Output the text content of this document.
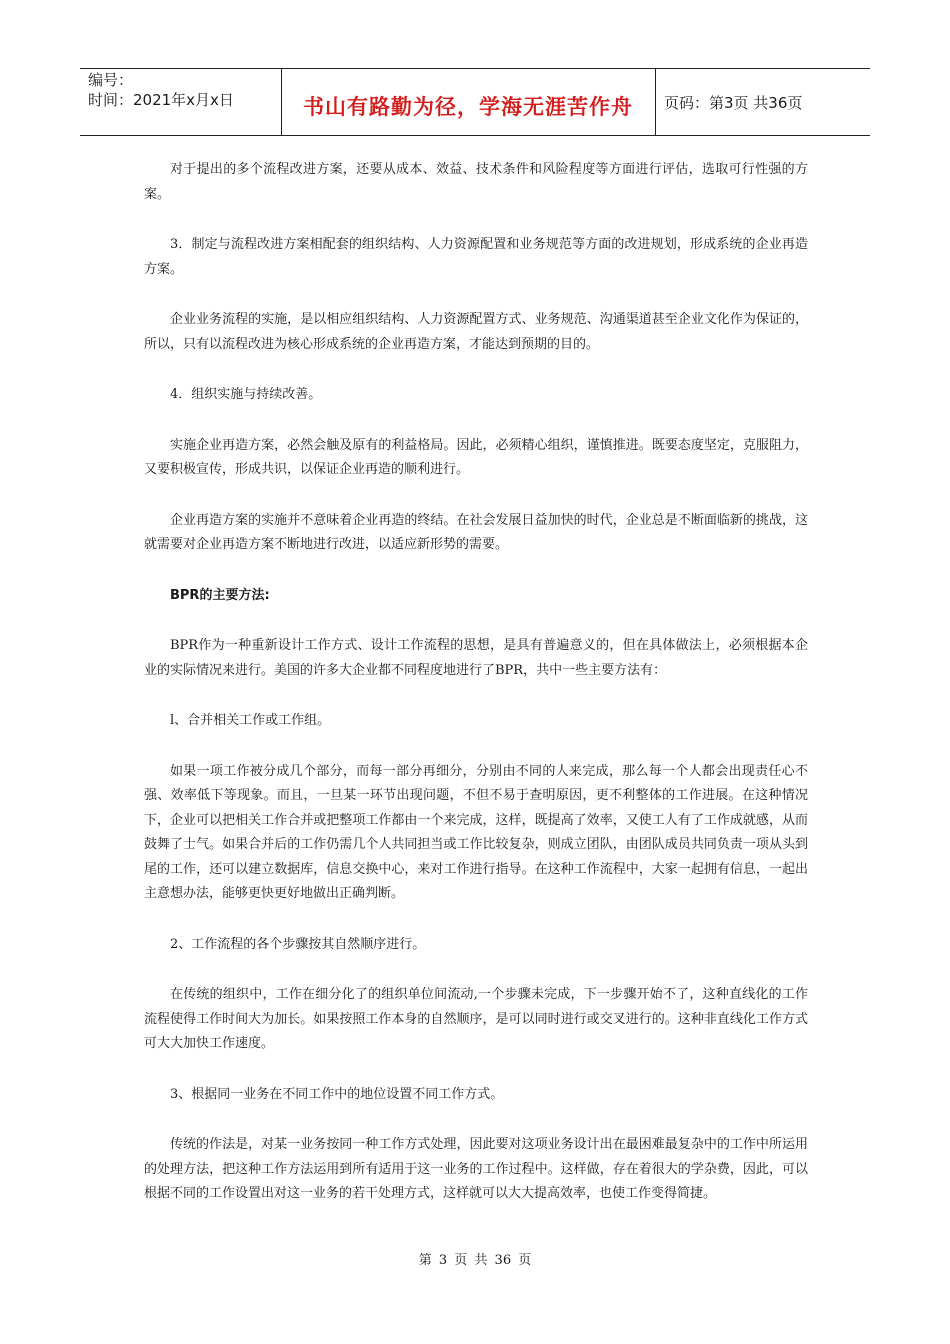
编号：
时间：2021年x月x日	书山有路勤为径，学海无涯苦作舟	页码：第3页 共36页

对于提出的多个流程改进方案，还要从成本、效益、技术条件和风险程度等方面进行评估，选取可行性强的方案。

3．制定与流程改进方案相配套的组织结构、人力资源配置和业务规范等方面的改进规划，形成系统的企业再造方案。

企业业务流程的实施，是以相应组织结构、人力资源配置方式、业务规范、沟通渠道甚至企业文化作为保证的，所以，只有以流程改进为核心形成系统的企业再造方案，才能达到预期的目的。

4．组织实施与持续改善。

实施企业再造方案，必然会触及原有的利益格局。因此，必须精心组织，谨慎推进。既要态度坚定，克服阻力，又要积极宣传，形成共识，以保证企业再造的顺利进行。

企业再造方案的实施并不意味着企业再造的终结。在社会发展日益加快的时代，企业总是不断面临新的挑战，这就需要对企业再造方案不断地进行改进，以适应新形势的需要。

BPR的主要方法:

BPR作为一种重新设计工作方式、设计工作流程的思想，是具有普遍意义的，但在具体做法上，必须根据本企业的实际情况来进行。美国的许多大企业都不同程度地进行了BPR，共中一些主要方法有：

l、合并相关工作或工作组。

如果一项工作被分成几个部分，而每一部分再细分，分别由不同的人来完成，那么每一个人都会出现责任心不强、效率低下等现象。而且，一旦某一环节出现问题，不但不易于查明原因，更不利整体的工作进展。在这种情况下，企业可以把相关工作合并或把整项工作都由一个来完成，这样，既提高了效率，又使工人有了工作成就感，从而鼓舞了士气。如果合并后的工作仍需几个人共同担当或工作比较复杂，则成立团队，由团队成员共同负责一项从头到尾的工作，还可以建立数据库，信息交换中心，来对工作进行指导。在这种工作流程中，大家一起拥有信息，一起出主意想办法，能够更快更好地做出正确判断。

2、工作流程的各个步骤按其自然顺序进行。

在传统的组织中，工作在细分化了的组织单位间流动,一个步骤未完成，下一步骤开始不了，这种直线化的工作流程使得工作时间大为加长。如果按照工作本身的自然顺序，是可以同时进行或交叉进行的。这种非直线化工作方式可大大加快工作速度。

3、根据同一业务在不同工作中的地位设置不同工作方式。

传统的作法是，对某一业务按同一种工作方式处理，因此要对这项业务设计出在最困难最复杂中的工作中所运用的处理方法，把这种工作方法运用到所有适用于这一业务的工作过程中。这样做，存在着很大的学杂费，因此，可以根据不同的工作设置出对这一业务的若干处理方式，这样就可以大大提高效率，也使工作变得简捷。

第 3 页 共 36 页
